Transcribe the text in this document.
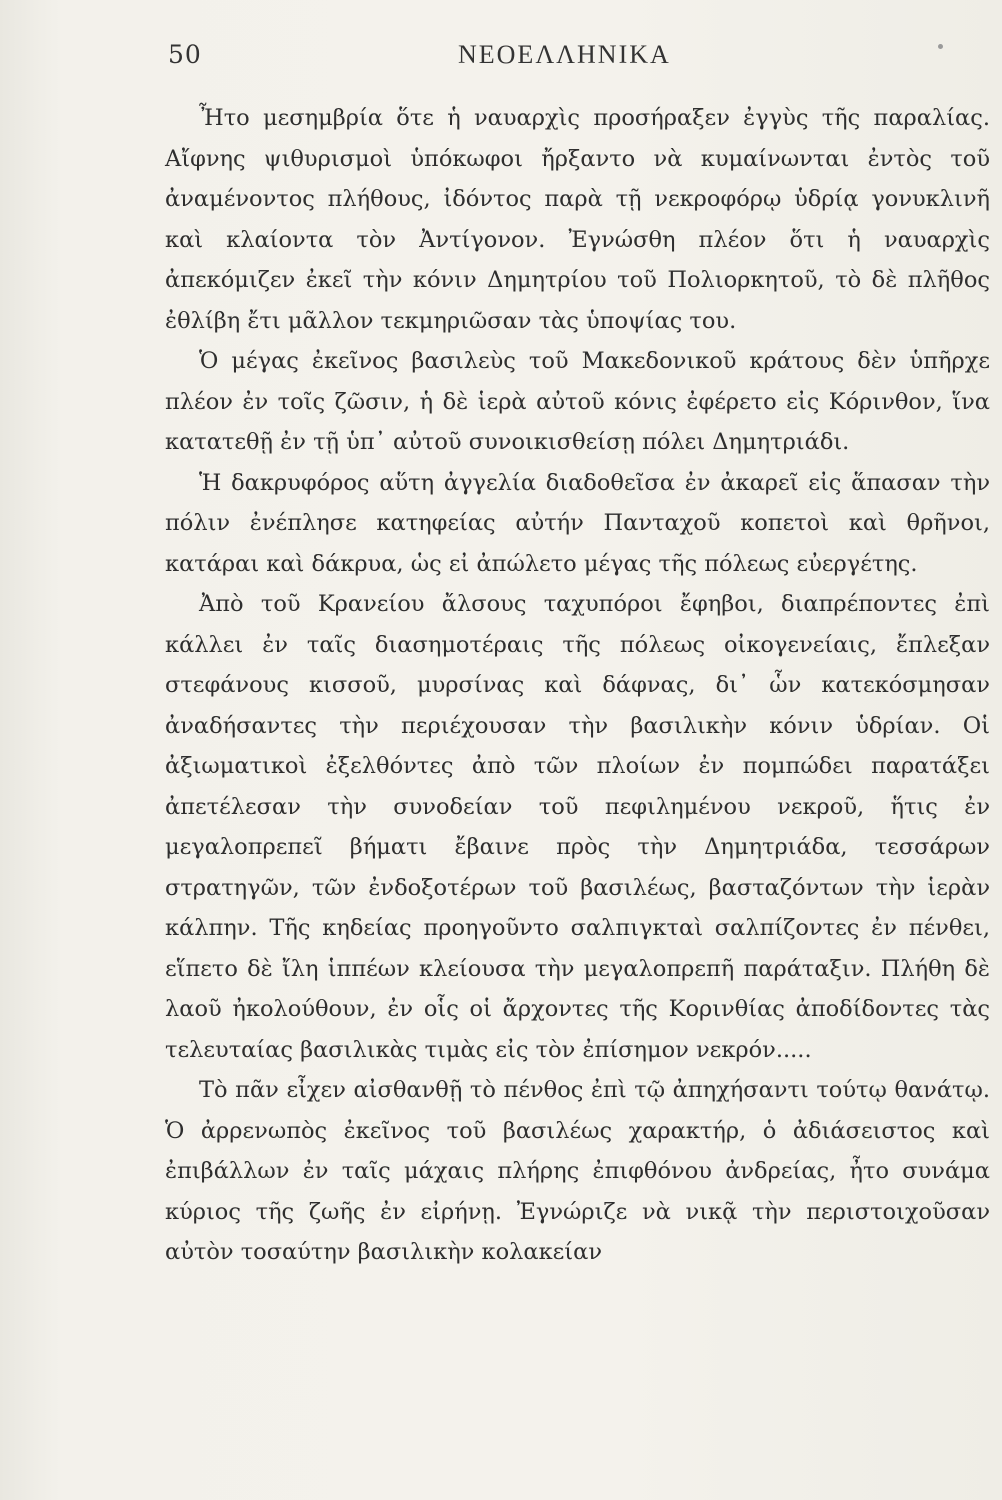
50	ΝΕΟΕΛΛΗΝΙΚΑ

Ἦτο μεσημβρία ὅτε ἡ ναυαρχὶς προσήραξεν ἐγγὺς τῆς παραλίας. Αἴφνης ψιθυρισμοὶ ὑπόκωφοι ἤρξαντο νὰ κυμαίνωνται ἐντὸς τοῦ ἀναμένοντος πλήθους, ἰδόντος παρὰ τῇ νεκροφόρῳ ὑδρίᾳ γονυκλινῆ καὶ κλαίοντα τὸν Ἀντίγονον. Ἐγνώσθη πλέον ὅτι ἡ ναυαρχὶς ἀπεκόμιζεν ἐκεῖ τὴν κόνιν Δημητρίου τοῦ Πολιορκητοῦ, τὸ δὲ πλῆθος ἐθλίβη ἔτι μᾶλλον τεκμηριῶσαν τὰς ὑποψίας του.

Ὁ μέγας ἐκεῖνος βασιλεὺς τοῦ Μακεδονικοῦ κράτους δὲν ὑπῆρχε πλέον ἐν τοῖς ζῶσιν, ἡ δὲ ἱερὰ αὐτοῦ κόνις ἐφέρετο εἰς Κόρινθον, ἵνα κατατεθῇ ἐν τῇ ὑπ᾽ αὐτοῦ συνοικισθείσῃ πόλει Δημητριάδι.

Ἡ δακρυφόρος αὕτη ἀγγελία διαδοθεῖσα ἐν ἀκαρεῖ εἰς ἅπασαν τὴν πόλιν ἐνέπλησε κατηφείας αὐτήν Πανταχοῦ κοπετοὶ καὶ θρῆνοι, κατάραι καὶ δάκρυα, ὡς εἰ ἀπώλετο μέγας τῆς πόλεως εὐεργέτης.

Ἀπὸ τοῦ Κρανείου ἄλσους ταχυπόροι ἔφηβοι, διαπρέποντες ἐπὶ κάλλει ἐν ταῖς διασημοτέραις τῆς πόλεως οἰκογενείαις, ἔπλεξαν στεφάνους κισσοῦ, μυρσίνας καὶ δάφνας, δι᾽ ὧν κατεκόσμησαν ἀναδήσαντες τὴν περιέχουσαν τὴν βασιλικὴν κόνιν ὑδρίαν. Οἱ ἀξιωματικοὶ ἐξελθόντες ἀπὸ τῶν πλοίων ἐν πομπώδει παρατάξει ἀπετέλεσαν τὴν συνοδείαν τοῦ πεφιλημένου νεκροῦ, ἥτις ἐν μεγαλοπρεπεῖ βήματι ἔβαινε πρὸς τὴν Δημητριάδα, τεσσάρων στρατηγῶν, τῶν ἐνδοξοτέρων τοῦ βασιλέως, βασταζόντων τὴν ἱερὰν κάλπην. Τῆς κηδείας προηγοῦντο σαλπιγκταὶ σαλπίζοντες ἐν πένθει, εἵπετο δὲ ἴλη ἱππέων κλείουσα τὴν μεγαλοπρεπῆ παράταξιν. Πλήθη δὲ λαοῦ ἠκολούθουν, ἐν οἷς οἱ ἄρχοντες τῆς Κορινθίας ἀποδίδοντες τὰς τελευταίας βασιλικὰς τιμὰς εἰς τὸν ἐπίσημον νεκρόν.....

Τὸ πᾶν εἶχεν αἰσθανθῇ τὸ πένθος ἐπὶ τῷ ἀπηχήσαντι τούτῳ θανάτῳ. Ὁ ἀρρενωπὸς ἐκεῖνος τοῦ βασιλέως χαρακτήρ, ὁ ἀδιάσειστος καὶ ἐπιβάλλων ἐν ταῖς μάχαις πλήρης ἐπιφθόνου ἀνδρείας, ἦτο συνάμα κύριος τῆς ζωῆς ἐν εἰρήνῃ. Ἐγνώριζε νὰ νικᾷ τὴν περιστοιχοῦσαν αὐτὸν τοσαύτην βασιλικὴν κολακείαν
